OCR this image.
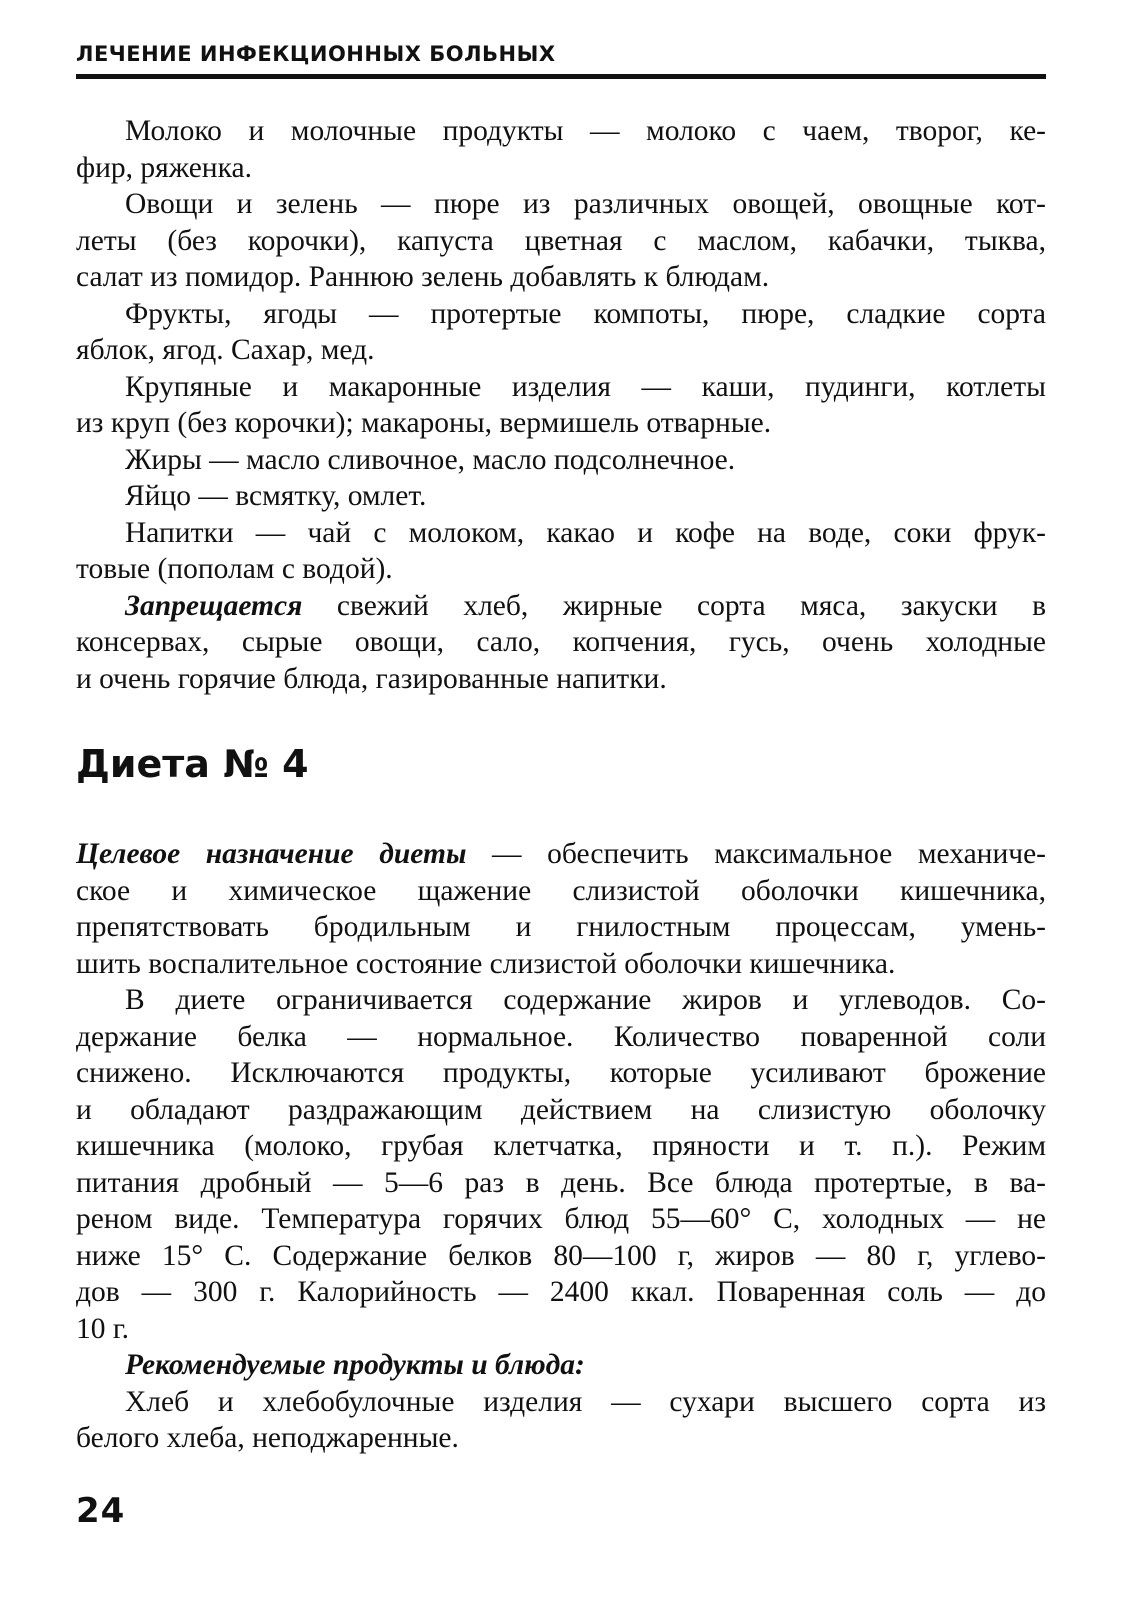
ЛЕЧЕНИЕ ИНФЕКЦИОННЫХ БОЛЬНЫХ

Молоко и молочные продукты — молоко с чаем, творог, ке-
фир, ряженка.

Овощи и зелень — пюре из различных овощей, овощные кот-
леты (без корочки), капуста цветная с маслом, кабачки, тыква,
салат из помидор. Раннюю зелень добавлять к блюдам.

Фрукты, ягоды — протертые компоты, пюре, сладкие сорта
яблок, ягод. Сахар, мед.

Крупяные и макаронные изделия — каши, пудинги, котлеты
из круп (без корочки); макароны, вермишель отварные.

Жиры — масло сливочное, масло подсолнечное.

Яйцо — всмятку, омлет.

Напитки — чай с молоком, какао и кофе на воде, соки фрук-
товые (пополам с водой).

Запрещается свежий хлеб, жирные сорта мяса, закуски в
консервах, сырые овощи, сало, копчения, гусь, очень холодные
и очень горячие блюда, газированные напитки.

Диета № 4

Целевое назначение диеты — обеспечить максимальное механиче-
ское и химическое щажение слизистой оболочки кишечника,
препятствовать бродильным и гнилостным процессам, умень-
шить воспалительное состояние слизистой оболочки кишечника.

В диете ограничивается содержание жиров и углеводов. Со-
держание белка — нормальное. Количество поваренной соли
снижено. Исключаются продукты, которые усиливают брожение
и обладают раздражающим действием на слизистую оболочку
кишечника (молоко, грубая клетчатка, пряности и т. п.). Режим
питания дробный — 5—6 раз в день. Все блюда протертые, в ва-
реном виде. Температура горячих блюд 55—60° С, холодных — не
ниже 15° С. Содержание белков 80—100 г, жиров — 80 г, углево-
дов — 300 г. Калорийность — 2400 ккал. Поваренная соль — до
10 г.

Рекомендуемые продукты и блюда:

Хлеб и хлебобулочные изделия — сухари высшего сорта из
белого хлеба, неподжаренные.

24
